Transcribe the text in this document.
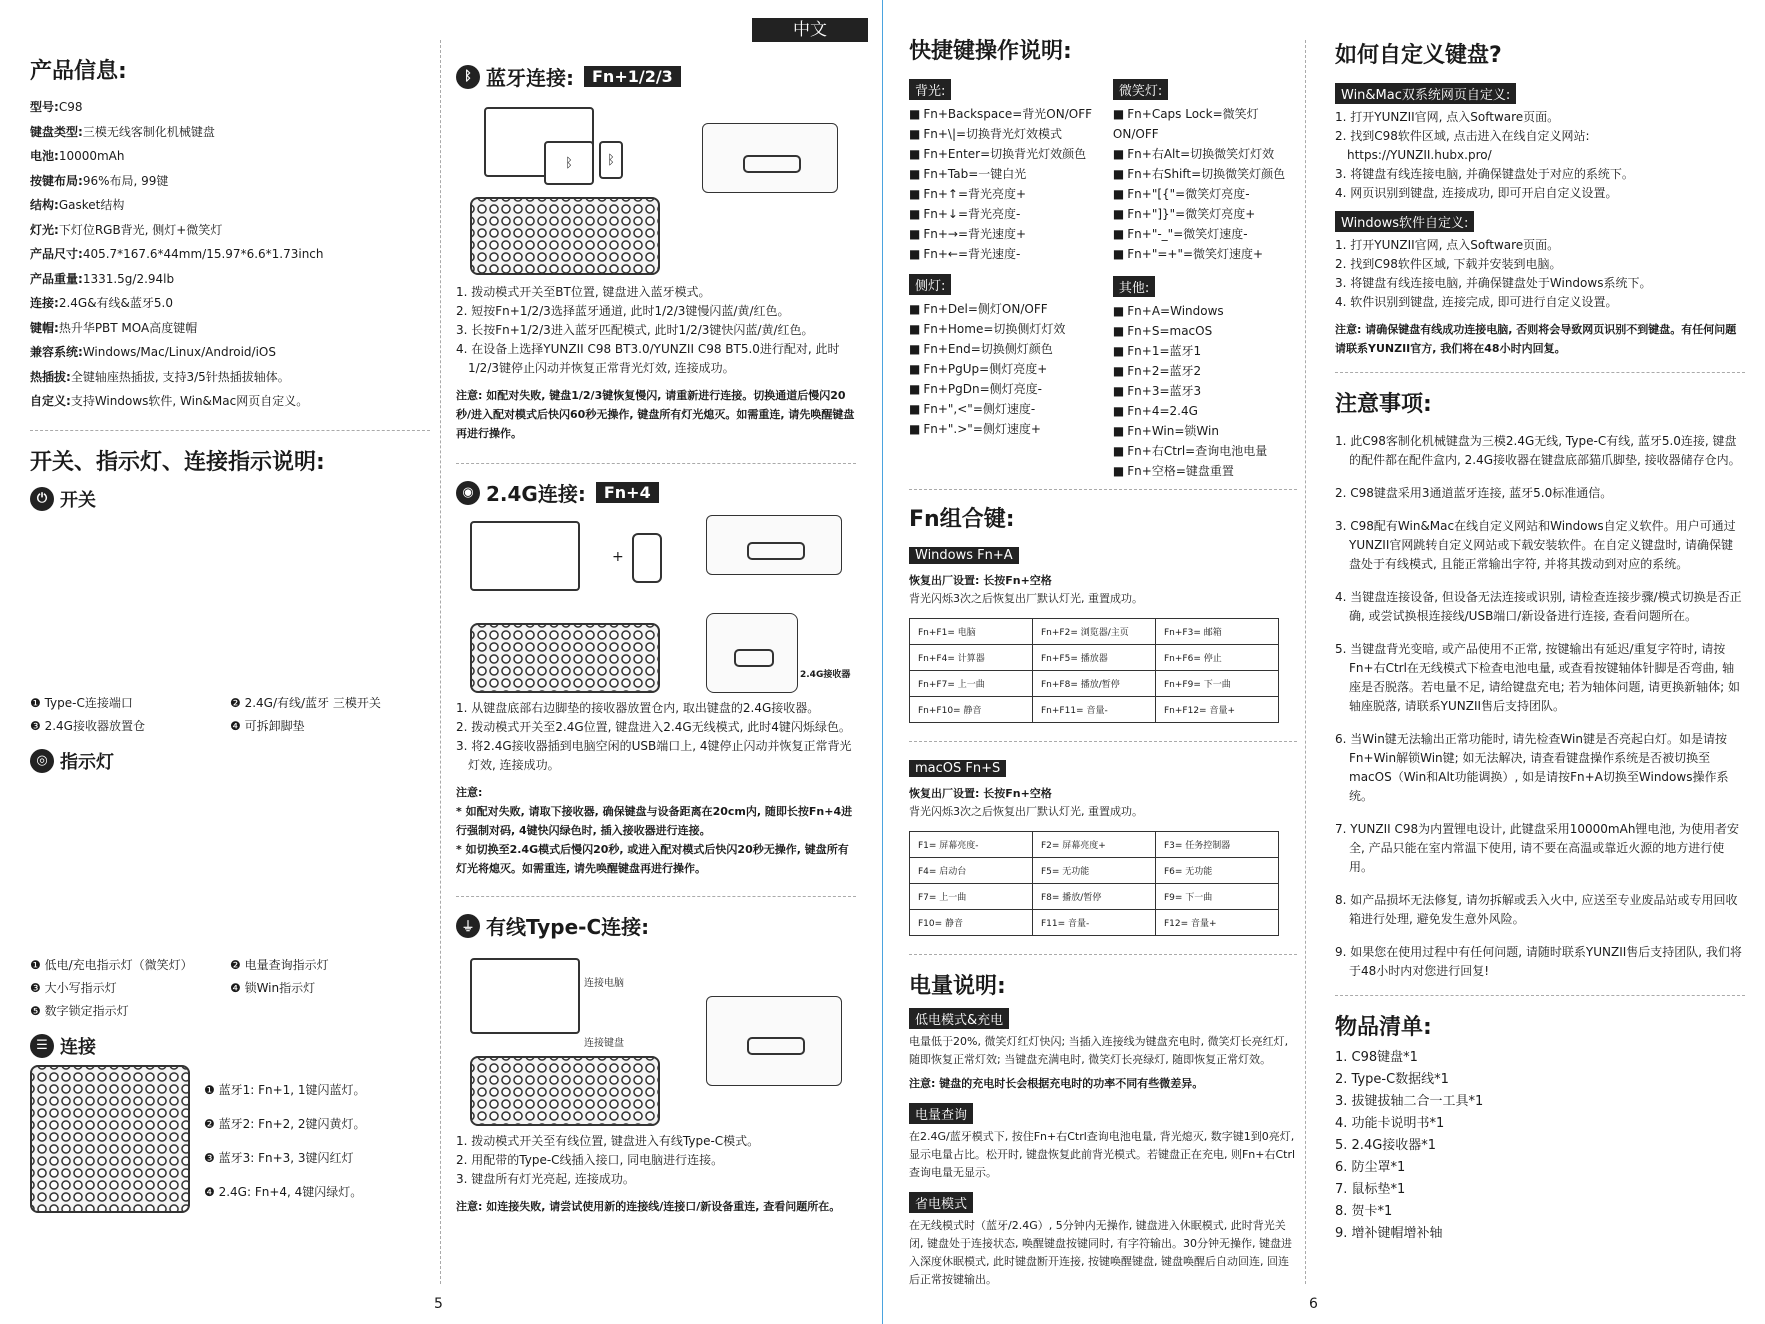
中文
产品信息:
型号:C98
键盘类型:三模无线客制化机械键盘
电池:10000mAh
按键布局:96%布局, 99键
结构:Gasket结构
灯光:下灯位RGB背光, 侧灯+微笑灯
产品尺寸:405.7*167.6*44mm/15.97*6.6*1.73inch
产品重量:1331.5g/2.94lb
连接:2.4G&有线&蓝牙5.0
键帽:热升华PBT MOA高度键帽
兼容系统:Windows/Mac/Linux/Android/iOS
热插拔:全键轴座热插拔, 支持3/5针热插拔轴体。
自定义:支持Windows软件, Win&Mac网页自定义。
开关、指示灯、连接指示说明:
⏻ 开关
❶ Type-C连接端口	❷ 2.4G/有线/蓝牙 三模开关
❸ 2.4G接收器放置仓	❹ 可拆卸脚垫
◎ 指示灯
❶ 低电/充电指示灯（微笑灯）	❷ 电量查询指示灯
❸ 大小写指示灯	❹ 锁Win指示灯
❺ 数字锁定指示灯
☰ 连接
❶ 蓝牙1: Fn+1, 1键闪蓝灯。
❷ 蓝牙2: Fn+2, 2键闪黄灯。
❸ 蓝牙3: Fn+3, 3键闪红灯
❹ 2.4G: Fn+4, 4键闪绿灯。
ᛒ 蓝牙连接:	Fn+1/2/3
ᛒ	ᛒ
1. 拨动模式开关至BT位置, 键盘进入蓝牙模式。
2. 短按Fn+1/2/3选择蓝牙通道, 此时1/2/3键慢闪蓝/黄/红色。
3. 长按Fn+1/2/3进入蓝牙匹配模式, 此时1/2/3键快闪蓝/黄/红色。
4. 在设备上选择YUNZII C98 BT3.0/YUNZII C98 BT5.0进行配对, 此时
　1/2/3键停止闪动并恢复正常背光灯效, 连接成功。
注意: 如配对失败, 键盘1/2/3键恢复慢闪, 请重新进行连接。切换通道后慢闪20秒/进入配对模式后快闪60秒无操作, 键盘所有灯光熄灭。如需重连, 请先唤醒键盘再进行操作。
◉ 2.4G连接:	Fn+4
+
2.4G接收器
1. 从键盘底部右边脚垫的接收器放置仓内, 取出键盘的2.4G接收器。
2. 拨动模式开关至2.4G位置, 键盘进入2.4G无线模式, 此时4键闪烁绿色。
3. 将2.4G接收器插到电脑空闲的USB端口上, 4键停止闪动并恢复正常背光
　灯效, 连接成功。
注意:
* 如配对失败, 请取下接收器, 确保键盘与设备距离在20cm内, 随即长按Fn+4进行强制对码, 4键快闪绿色时, 插入接收器进行连接。
* 如切换至2.4G模式后慢闪20秒, 或进入配对模式后快闪20秒无操作, 键盘所有灯光将熄灭。如需重连, 请先唤醒键盘再进行操作。
⏚ 有线Type-C连接:
连接电脑
连接键盘
1. 拨动模式开关至有线位置, 键盘进入有线Type-C模式。
2. 用配带的Type-C线插入接口, 同电脑进行连接。
3. 键盘所有灯光亮起, 连接成功。
注意: 如连接失败, 请尝试使用新的连接线/连接口/新设备重连, 查看问题所在。
5
快捷键操作说明:
背光:
■ Fn+Backspace=背光ON/OFF
■ Fn+\|=切换背光灯效模式
■ Fn+Enter=切换背光灯效颜色
■ Fn+Tab=一键白光
■ Fn+↑=背光亮度+
■ Fn+↓=背光亮度-
■ Fn+→=背光速度+
■ Fn+←=背光速度-
侧灯:
■ Fn+Del=侧灯ON/OFF
■ Fn+Home=切换侧灯灯效
■ Fn+End=切换侧灯颜色
■ Fn+PgUp=侧灯亮度+
■ Fn+PgDn=侧灯亮度-
■ Fn+",<"=侧灯速度-
■ Fn+".>"=侧灯速度+
微笑灯:
■ Fn+Caps Lock=微笑灯ON/OFF
■ Fn+右Alt=切换微笑灯灯效
■ Fn+右Shift=切换微笑灯颜色
■ Fn+"[{"=微笑灯亮度-
■ Fn+"]}"=微笑灯亮度+
■ Fn+"-_"=微笑灯速度-
■ Fn+"=+"=微笑灯速度+
其他:
■ Fn+A=Windows
■ Fn+S=macOS
■ Fn+1=蓝牙1
■ Fn+2=蓝牙2
■ Fn+3=蓝牙3
■ Fn+4=2.4G
■ Fn+Win=锁Win
■ Fn+右Ctrl=查询电池电量
■ Fn+空格=键盘重置
Fn组合键:
Windows Fn+A
恢复出厂设置: 长按Fn+空格
背光闪烁3次之后恢复出厂默认灯光, 重置成功。
Fn+F1= 电脑	Fn+F2= 浏览器/主页	Fn+F3= 邮箱
Fn+F4= 计算器	Fn+F5= 播放器	Fn+F6= 停止
Fn+F7= 上一曲	Fn+F8= 播放/暂停	Fn+F9= 下一曲
Fn+F10= 静音	Fn+F11= 音量-	Fn+F12= 音量+
macOS Fn+S
恢复出厂设置: 长按Fn+空格
背光闪烁3次之后恢复出厂默认灯光, 重置成功。
F1= 屏幕亮度-	F2= 屏幕亮度+	F3= 任务控制器
F4= 启动台	F5= 无功能	F6= 无功能
F7= 上一曲	F8= 播放/暂停	F9= 下一曲
F10= 静音	F11= 音量-	F12= 音量+
电量说明:
低电模式&充电
电量低于20%, 微笑灯红灯快闪; 当插入连接线为键盘充电时, 微笑灯长亮红灯, 随即恢复正常灯效; 当键盘充满电时, 微笑灯长亮绿灯, 随即恢复正常灯效。
注意: 键盘的充电时长会根据充电时的功率不同有些微差异。
电量查询
在2.4G/蓝牙模式下, 按住Fn+右Ctrl查询电池电量, 背光熄灭, 数字键1到0亮灯, 显示电量占比。松开时, 键盘恢复此前背光模式。若键盘正在充电, 则Fn+右Ctrl查询电量无显示。
省电模式
在无线模式时（蓝牙/2.4G）, 5分钟内无操作, 键盘进入休眠模式, 此时背光关闭, 键盘处于连接状态, 唤醒键盘按键同时, 有字符输出。30分钟无操作, 键盘进入深度休眠模式, 此时键盘断开连接, 按键唤醒键盘, 键盘唤醒后自动回连, 回连后正常按键输出。
如何自定义键盘?
Win&Mac双系统网页自定义:
1. 打开YUNZII官网, 点入Software页面。
2. 找到C98软件区域, 点击进入在线自定义网站:
　https://YUNZII.hubx.pro/
3. 将键盘有线连接电脑, 并确保键盘处于对应的系统下。
4. 网页识别到键盘, 连接成功, 即可开启自定义设置。
Windows软件自定义:
1. 打开YUNZII官网, 点入Software页面。
2. 找到C98软件区域, 下载并安装到电脑。
3. 将键盘有线连接电脑, 并确保键盘处于Windows系统下。
4. 软件识别到键盘, 连接完成, 即可进行自定义设置。
注意: 请确保键盘有线成功连接电脑, 否则将会导致网页识别不到键盘。有任何问题请联系YUNZII官方, 我们将在48小时内回复。
注意事项:
1. 此C98客制化机械键盘为三模2.4G无线, Type-C有线, 蓝牙5.0连接, 键盘的配件都在配件盒内, 2.4G接收器在键盘底部猫爪脚垫, 接收器储存仓内。
2. C98键盘采用3通道蓝牙连接, 蓝牙5.0标准通信。
3. C98配有Win&Mac在线自定义网站和Windows自定义软件。用户可通过YUNZII官网跳转自定义网站或下载安装软件。在自定义键盘时, 请确保键盘处于有线模式, 且能正常输出字符, 并将其拨动到对应的系统。
4. 当键盘连接设备, 但设备无法连接或识别, 请检查连接步骤/模式切换是否正确, 或尝试换根连接线/USB端口/新设备进行连接, 查看问题所在。
5. 当键盘背光变暗, 或产品使用不正常, 按键输出有延迟/重复字符时, 请按Fn+右Ctrl在无线模式下检查电池电量, 或查看按键轴体针脚是否弯曲, 轴座是否脱落。若电量不足, 请给键盘充电; 若为轴体问题, 请更换新轴体; 如轴座脱落, 请联系YUNZII售后支持团队。
6. 当Win键无法输出正常功能时, 请先检查Win键是否亮起白灯。如是请按Fn+Win解锁Win键; 如无法解决, 请查看键盘操作系统是否被切换至macOS（Win和Alt功能调换）, 如是请按Fn+A切换至Windows操作系统。
7. YUNZII C98为内置锂电设计, 此键盘采用10000mAh锂电池, 为使用者安全, 产品只能在室内常温下使用, 请不要在高温或靠近火源的地方进行使用。
8. 如产品损坏无法修复, 请勿拆解或丢入火中, 应送至专业废品站或专用回收箱进行处理, 避免发生意外风险。
9. 如果您在使用过程中有任何问题, 请随时联系YUNZII售后支持团队, 我们将于48小时内对您进行回复!
物品清单:
1. C98键盘*1
2. Type-C数据线*1
3. 拔键拔轴二合一工具*1
4. 功能卡说明书*1
5. 2.4G接收器*1
6. 防尘罩*1
7. 鼠标垫*1
8. 贺卡*1
9. 增补键帽增补轴
6
